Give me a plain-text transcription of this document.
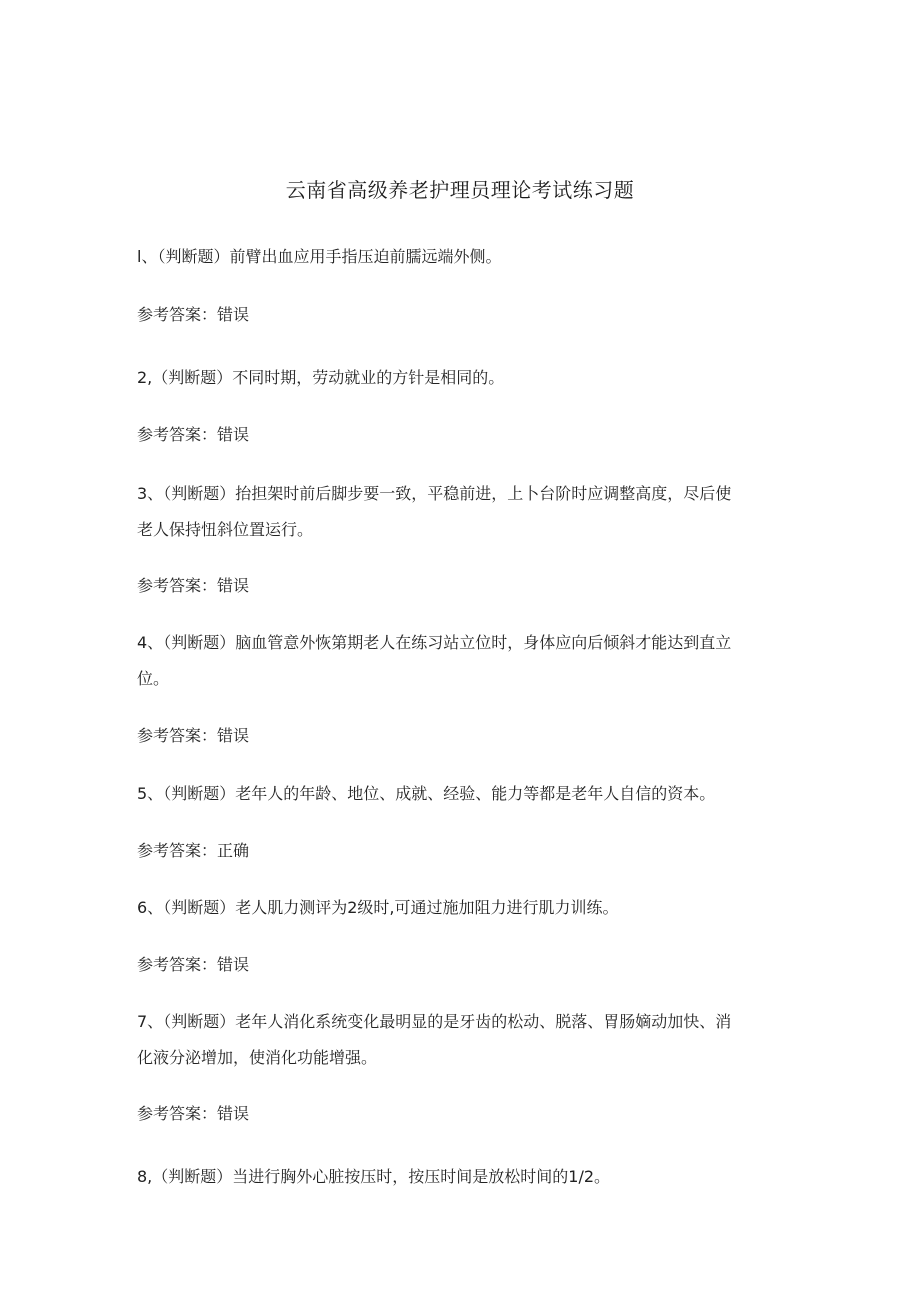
云南省高级养老护理员理论考试练习题
l、（判断题）前臂出血应用手指压迫前臑远端外侧。
参考答案：错误
2,（判断题）不同时期，劳动就业的方针是相同的。
参考答案：错误
3、（判断题）抬担架时前后脚步要一致，平稳前进，上卜台阶时应调整高度，尽后使
老人保持忸斜位置运行。
参考答案：错误
4、（判断题）脑血管意外恢第期老人在练习站立位时，身体应向后倾斜才能达到直立
位。
参考答案：错误
5、（判断题）老年人的年龄、地位、成就、经验、能力等都是老年人自信的资本。
参考答案：正确
6、（判断题）老人肌力测评为2级时,可通过施加阻力进行肌力训练。
参考答案：错误
7、（判断题）老年人消化系统变化最明显的是牙齿的松动、脱落、胃肠嫡动加快、消
化液分泌增加，使消化功能增强。
参考答案：错误
8,（判断题）当进行胸外心脏按压时，按压时间是放松时间的1/2。
